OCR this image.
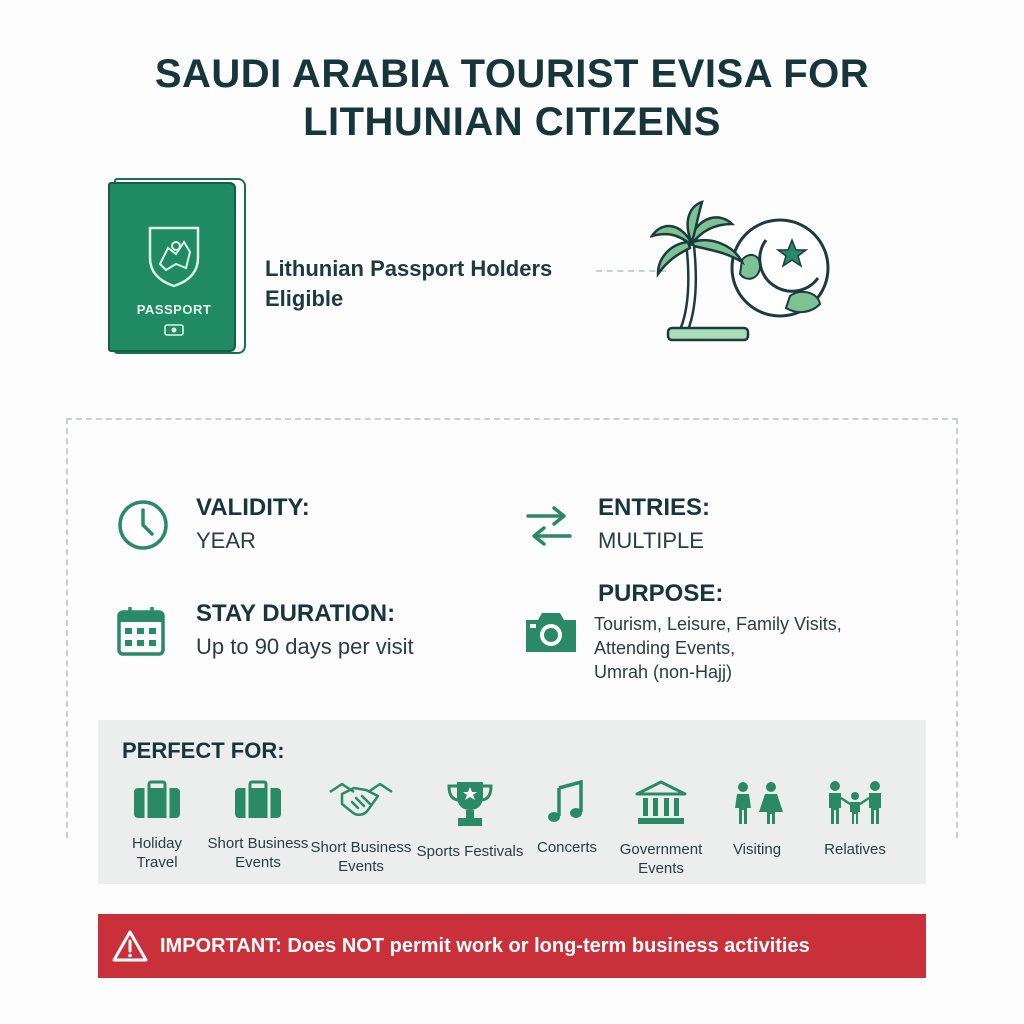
SAUDI ARABIA TOURIST EVISA FOR
LITHUNIAN CITIZENS
PASSPORT
Lithunian Passport Holders
Eligible
VALIDITY:
YEAR
ENTRIES:
MULTIPLE
STAY DURATION:
Up to 90 days per visit
PURPOSE:
Tourism, Leisure, Family Visits,
Attending Events,
Umrah (non-Hajj)
PERFECT FOR:
Holiday
Travel
Short Business
Events
Short Business
Events
Sports Festivals Concerts	Government
Events
Visiting	Relatives
IMPORTANT: Does NOT permit work or long-term business activities
